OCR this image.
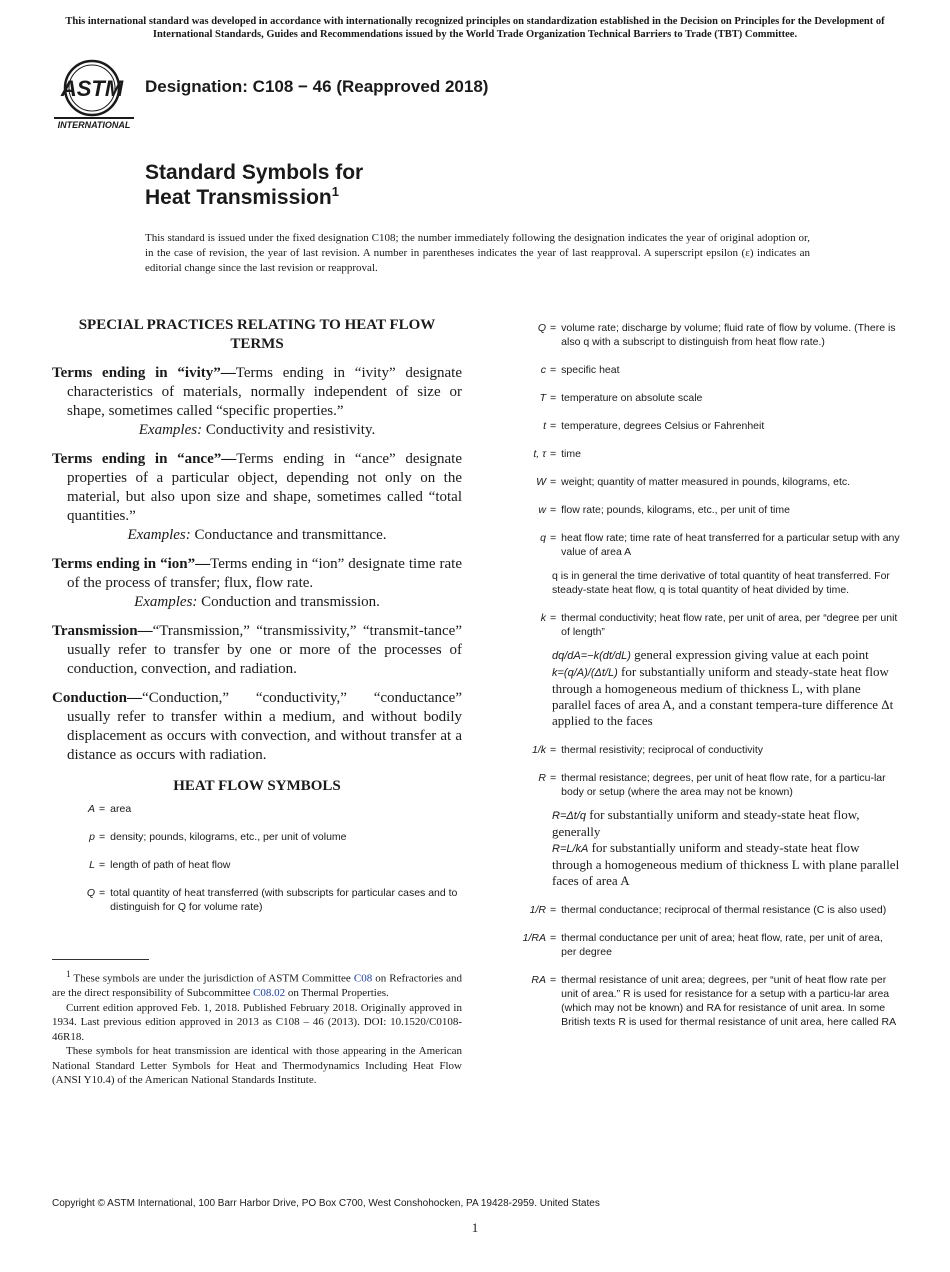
This international standard was developed in accordance with internationally recognized principles on standardization established in the Decision on Principles for the Development of International Standards, Guides and Recommendations issued by the World Trade Organization Technical Barriers to Trade (TBT) Committee.
ASTM
INTERNATIONAL
Designation: C108 − 46 (Reapproved 2018)
Standard Symbols for
Heat Transmission$^1$
This standard is issued under the fixed designation C108; the number immediately following the designation indicates the year of original adoption or, in the case of revision, the year of last revision. A number in parentheses indicates the year of last reapproval. A superscript epsilon (ε) indicates an editorial change since the last revision or reapproval.

SPECIAL PRACTICES RELATING TO HEAT FLOW TERMS

Terms ending in “ivity”—Terms ending in “ivity” designate characteristics of materials, normally independent of size or shape, sometimes called “specific properties.”

Examples: Conductivity and resistivity.

Terms ending in “ance”—Terms ending in “ance” designate properties of a particular object, depending not only on the material, but also upon size and shape, sometimes called “total quantities.”

Examples: Conductance and transmittance.

Terms ending in “ion”—Terms ending in “ion” designate time rate of the process of transfer; flux, flow rate.

Examples: Conduction and transmission.

Transmission—“Transmission,” “transmissivity,” “transmit-tance” usually refer to transfer by one or more of the processes of conduction, convection, and radiation.

Conduction—“Conduction,” “conductivity,” “conductance” usually refer to transfer within a medium, and without bodily displacement as occurs with convection, and without transfer at a distance as occurs with radiation.

HEAT FLOW SYMBOLS

A = area
p = density; pounds, kilograms, etc., per unit of volume
L = length of path of heat flow
Q = total quantity of heat transferred (with subscripts for particular cases and to distinguish for Q for volume rate)

$^1$ These symbols are under the jurisdiction of ASTM Committee C08 on Refractories and are the direct responsibility of Subcommittee C08.02 on Thermal Properties.

Current edition approved Feb. 1, 2018. Published February 2018. Originally approved in 1934. Last previous edition approved in 2013 as C108 – 46 (2013). DOI: 10.1520/C0108-46R18.

These symbols for heat transmission are identical with those appearing in the American National Standard Letter Symbols for Heat and Thermodynamics Including Heat Flow (ANSI Y10.4) of the American National Standards Institute.

Q = volume rate; discharge by volume; fluid rate of flow by volume. (There is also q with a subscript to distinguish from heat flow rate.)
c = specific heat
T = temperature on absolute scale
t = temperature, degrees Celsius or Fahrenheit
t, τ = time
W = weight; quantity of matter measured in pounds, kilograms, etc.
w = flow rate; pounds, kilograms, etc., per unit of time
q = heat flow rate; time rate of heat transferred for a particular setup with any value of area A
q is in general the time derivative of total quantity of heat transferred. For steady-state heat flow, q is total quantity of heat divided by time.
k = thermal conductivity; heat flow rate, per unit of area, per “degree per unit of length”

dq/dA=−k(dt/dL) general expression giving value at each point

k=(q/A)/(Δt/L) for substantially uniform and steady-state heat flow through a homogeneous medium of thickness L, with plane parallel faces of area A, and a constant tempera-ture difference Δt applied to the faces

1/k = thermal resistivity; reciprocal of conductivity
R = thermal resistance; degrees, per unit of heat flow rate, for a particu-lar body or setup (where the area may not be known)

R=Δt/q for substantially uniform and steady-state heat flow, generally

R=L/kA for substantially uniform and steady-state heat flow through a homogeneous medium of thickness L with plane parallel faces of area A

1/R = thermal conductance; reciprocal of thermal resistance (C is also used)
1/RA = thermal conductance per unit of area; heat flow, rate, per unit of area, per degree
RA = thermal resistance of unit area; degrees, per “unit of heat flow rate per unit of area.” R is used for resistance for a setup with a particu-lar area (which may not be known) and RA for resistance of unit area. In some British texts R is used for thermal resistance of unit area, here called RA
Copyright © ASTM International, 100 Barr Harbor Drive, PO Box C700, West Conshohocken, PA 19428-2959. United States
1
